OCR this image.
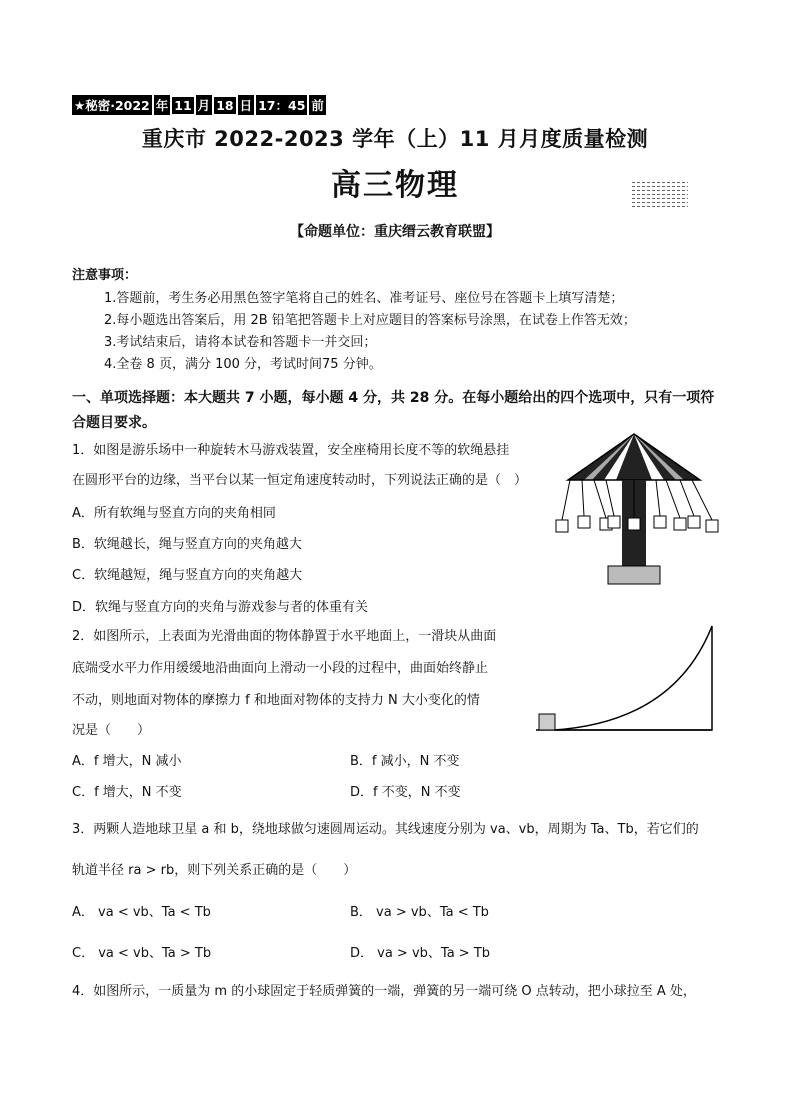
★秘密·2022 年 11 月 18 日 17：45 前
重庆市 2022-2023 学年（上）11 月月度质量检测
高三物理
【命题单位：重庆缙云教育联盟】
注意事项：
1.答题前，考生务必用黑色签字笔将自己的姓名、准考证号、座位号在答题卡上填写清楚；
2.每小题选出答案后，用 2B 铅笔把答题卡上对应题目的答案标号涂黑，在试卷上作答无效；
3.考试结束后，请将本试卷和答题卡一并交回；
4.全卷 8 页，满分 100 分，考试时间75 分钟。
一、单项选择题：本大题共 7 小题，每小题 4 分，共 28 分。在每小题给出的四个选项中，只有一项符合题目要求。
1．如图是游乐场中一种旋转木马游戏装置，安全座椅用长度不等的软绳悬挂
在圆形平台的边缘，当平台以某一恒定角速度转动时，下列说法正确的是（　）
A．所有软绳与竖直方向的夹角相同
B．软绳越长，绳与竖直方向的夹角越大
C．软绳越短，绳与竖直方向的夹角越大
D．软绳与竖直方向的夹角与游戏参与者的体重有关
2．如图所示，上表面为光滑曲面的物体静置于水平地面上，一滑块从曲面
底端受水平力作用缓缓地沿曲面向上滑动一小段的过程中，曲面始终静止
不动，则地面对物体的摩擦力 f 和地面对物体的支持力 N 大小变化的情
况是（　　）
A．f 增大，N 减小	B．f 减小，N 不变
C．f 增大，N 不变	D．f 不变，N 不变
3．两颗人造地球卫星 a 和 b，绕地球做匀速圆周运动。其线速度分别为 va、vb，周期为 Ta、Tb，若它们的
轨道半径 ra > rb，则下列关系正确的是（　　）
A． va < vb、Ta < Tb	B． va > vb、Ta < Tb
C． va < vb、Ta > Tb	D． va > vb、Ta > Tb
4．如图所示，一质量为 m 的小球固定于轻质弹簧的一端，弹簧的另一端可绕 O 点转动，把小球拉至 A 处，
